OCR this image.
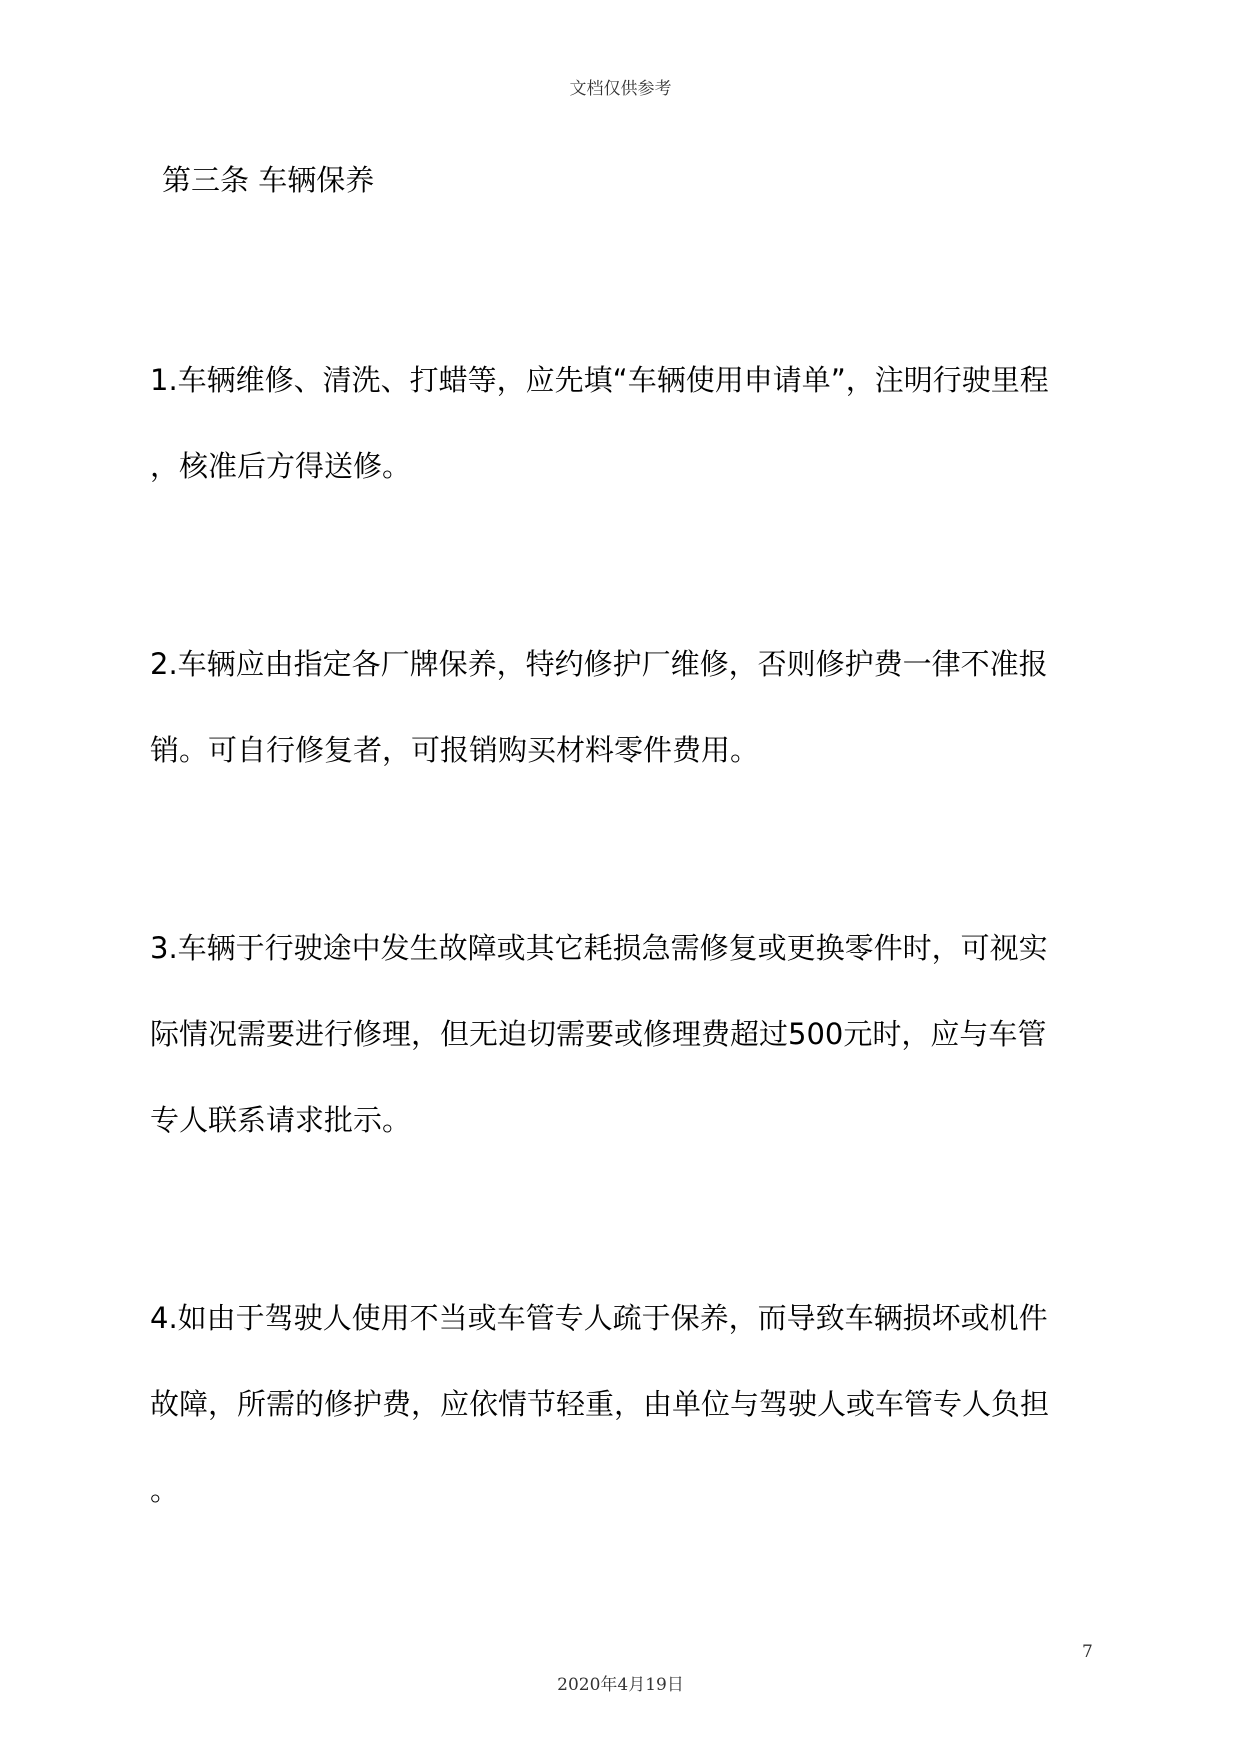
文档仅供参考
第三条 车辆保养
1.车辆维修、清洗、打蜡等，应先填“车辆使用申请单”，注明行驶里程
，核准后方得送修。
2.车辆应由指定各厂牌保养，特约修护厂维修，否则修护费一律不准报
销。可自行修复者，可报销购买材料零件费用。
3.车辆于行驶途中发生故障或其它耗损急需修复或更换零件时，可视实
际情况需要进行修理，但无迫切需要或修理费超过500元时，应与车管
专人联系请求批示。
4.如由于驾驶人使用不当或车管专人疏于保养，而导致车辆损坏或机件
故障，所需的修护费，应依情节轻重，由单位与驾驶人或车管专人负担
。
7
2020年4月19日
